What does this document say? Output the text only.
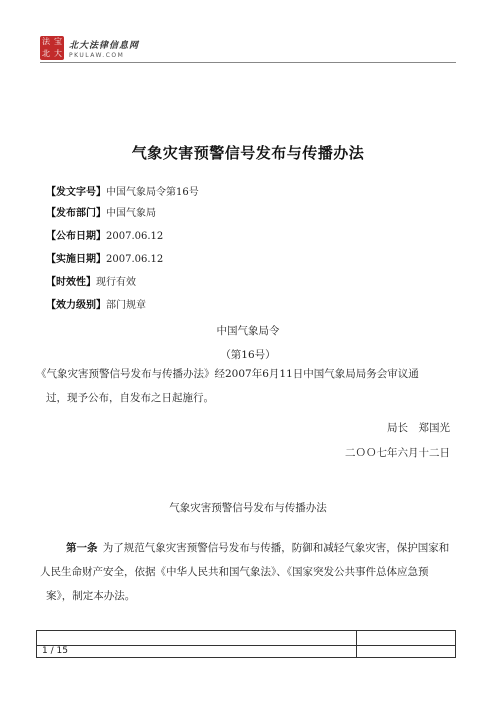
法 宝
北 大
北大法律信息网
PKULAW.COM
气象灾害预警信号发布与传播办法
【发文字号】中国气象局令第16号
【发布部门】中国气象局
【公布日期】2007.06.12
【实施日期】2007.06.12
【时效性】现行有效
【效力级别】部门规章
中国气象局令
（第16号）
《气象灾害预警信号发布与传播办法》经2007年6月11日中国气象局局务会审议通
过，现予公布，自发布之日起施行。
局长　郑国光
二ＯＯ七年六月十二日
气象灾害预警信号发布与传播办法
第一条  为了规范气象灾害预警信号发布与传播，防御和减轻气象灾害，保护国家和
人民生命财产安全，依据《中华人民共和国气象法》、《国家突发公共事件总体应急预
案》，制定本办法。
1 / 15
